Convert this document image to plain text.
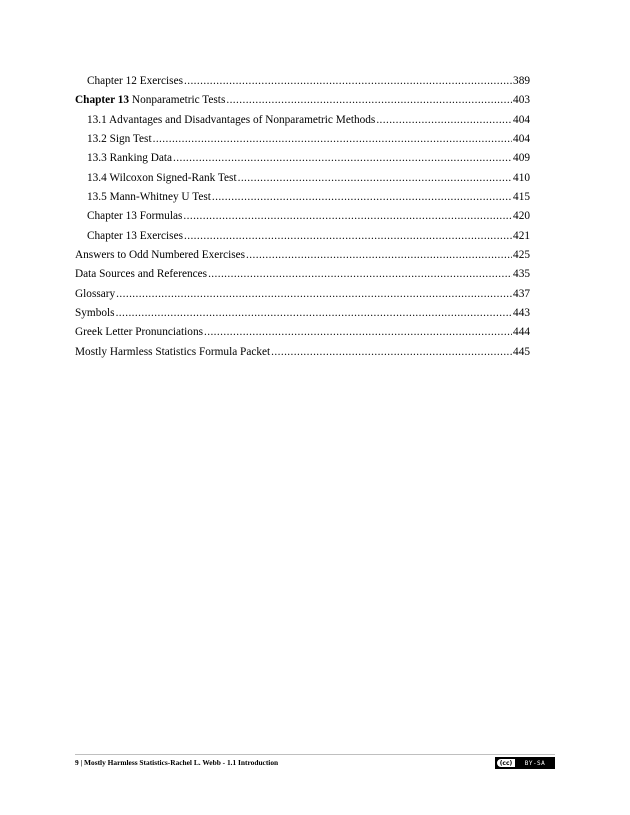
Chapter 12 Exercises .....	389
Chapter 13 Nonparametric Tests .....	403
13.1 Advantages and Disadvantages of Nonparametric Methods .....	404
13.2 Sign Test .....	404
13.3 Ranking Data .....	409
13.4 Wilcoxon Signed-Rank Test .....	410
13.5 Mann-Whitney U Test .....	415
Chapter 13 Formulas .....	420
Chapter 13 Exercises .....	421
Answers to Odd Numbered Exercises .....	425
Data Sources and References .....	435
Glossary .....	437
Symbols .....	443
Greek Letter Pronunciations .....	444
Mostly Harmless Statistics Formula Packet .....	445
9 | Mostly Harmless Statistics-Rachel L. Webb - 1.1 Introduction	(cc)	BY-SA
